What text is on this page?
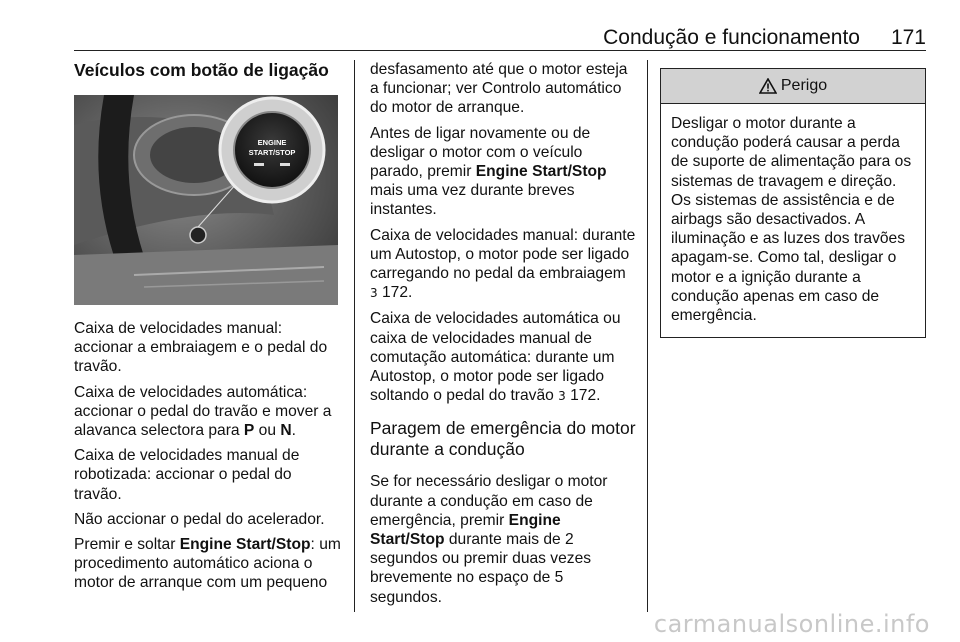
Condução e funcionamento 171
Veículos com botão de ligação
ENGINE
START/STOP

Caixa de velocidades manual: accionar a embraiagem e o pedal do travão.

Caixa de velocidades automática: accionar o pedal do travão e mover a alavanca selectora para P ou N.

Caixa de velocidades manual de robotizada: accionar o pedal do travão.

Não accionar o pedal do acelerador.

Premir e soltar Engine Start/Stop: um procedimento automático aciona o motor de arranque com um pequeno

desfasamento até que o motor esteja a funcionar; ver Controlo automático do motor de arranque.

Antes de ligar novamente ou de desligar o motor com o veículo parado, premir Engine Start/Stop mais uma vez durante breves instantes.

Caixa de velocidades manual: durante um Autostop, o motor pode ser ligado carregando no pedal da embraiagem 3 172.

Caixa de velocidades automática ou caixa de velocidades manual de comutação automática: durante um Autostop, o motor pode ser ligado soltando o pedal do travão 3 172.

Paragem de emergência do motor durante a condução

Se for necessário desligar o motor durante a condução em caso de emergência, premir Engine Start/Stop durante mais de 2 segundos ou premir duas vezes brevemente no espaço de 5 segundos.

Perigo
Desligar o motor durante a condução poderá causar a perda de suporte de alimentação para os sistemas de travagem e direção. Os sistemas de assistência e de airbags são desactivados. A iluminação e as luzes dos travões apagam-se. Como tal, desligar o motor e a ignição durante a condução apenas em caso de emergência.
carmanualsonline.info
